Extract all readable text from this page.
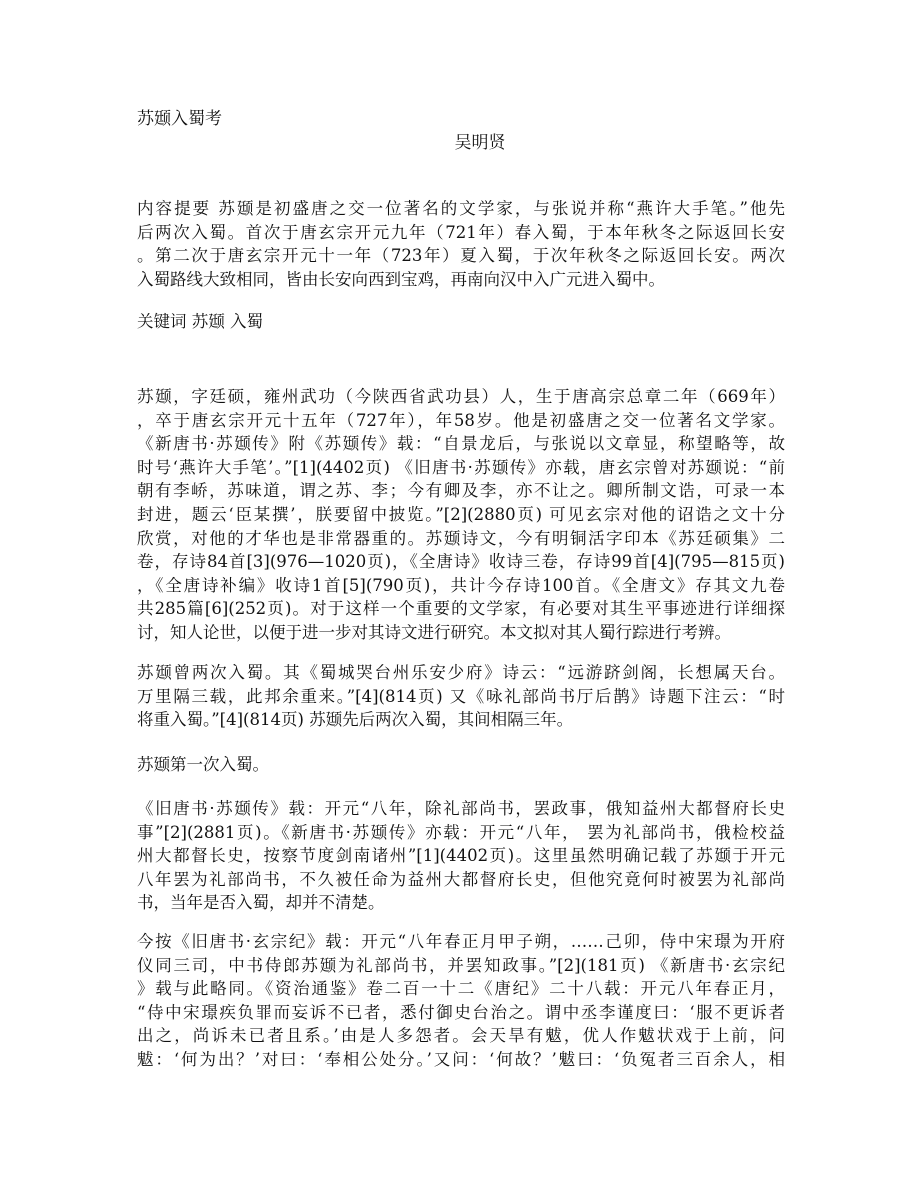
苏颋入蜀考
吴明贤
内容提要 苏颋是初盛唐之交一位著名的文学家，与张说并称“燕许大手笔。”他先
后两次入蜀。首次于唐玄宗开元九年（721年）春入蜀，于本年秋冬之际返回长安
。第二次于唐玄宗开元十一年（723年）夏入蜀，于次年秋冬之际返回长安。两次
入蜀路线大致相同，皆由长安向西到宝鸡，再南向汉中入广元进入蜀中。
关键词 苏颋 入蜀
苏颋，字廷硕，雍州武功（今陕西省武功县）人，生于唐高宗总章二年（669年）
，卒于唐玄宗开元十五年（727年），年58岁。他是初盛唐之交一位著名文学家。
《新唐书·苏颋传》附《苏颋传》载：“自景龙后，与张说以文章显，称望略等，故
时号‘燕许大手笔’。”[1](4402页) 《旧唐书·苏颋传》亦载，唐玄宗曾对苏颋说：“前
朝有李峤，苏味道，谓之苏、李；今有卿及李，亦不让之。卿所制文诰，可录一本
封进，题云‘臣某撰’，朕要留中披览。”[2](2880页) 可见玄宗对他的诏诰之文十分
欣赏，对他的才华也是非常器重的。苏颋诗文，今有明铜活字印本《苏廷硕集》二
卷，存诗84首[3](976—1020页)，《全唐诗》收诗三卷，存诗99首[4](795—815页)
，《全唐诗补编》收诗1首[5](790页)，共计今存诗100首。《全唐文》存其文九卷
共285篇[6](252页)。对于这样一个重要的文学家，有必要对其生平事迹进行详细探
讨，知人论世，以便于进一步对其诗文进行研究。本文拟对其人蜀行踪进行考辨。
苏颋曾两次入蜀。其《蜀城哭台州乐安少府》诗云：“远游跻剑阁，长想属天台。
万里隔三载，此邦余重来。”[4](814页) 又《咏礼部尚书厅后鹊》诗题下注云：“时
将重入蜀。”[4](814页) 苏颋先后两次入蜀，其间相隔三年。
苏颋第一次入蜀。
《旧唐书·苏颋传》载：开元“八年，除礼部尚书，罢政事，俄知益州大都督府长史
事”[2](2881页)。《新唐书·苏颋传》亦载：开元“八年， 罢为礼部尚书，俄检校益
州大都督长史，按察节度剑南诸州”[1](4402页)。这里虽然明确记载了苏颋于开元
八年罢为礼部尚书，不久被任命为益州大都督府长史，但他究竟何时被罢为礼部尚
书，当年是否入蜀，却并不清楚。
今按《旧唐书·玄宗纪》载：开元“八年春正月甲子朔，……己卯，侍中宋璟为开府
仪同三司，中书侍郎苏颋为礼部尚书，并罢知政事。”[2](181页) 《新唐书·玄宗纪
》载与此略同。《资治通鉴》卷二百一十二《唐纪》二十八载：开元八年春正月，
“侍中宋璟疾负罪而妄诉不已者，悉付御史台治之。谓中丞李谨度曰：‘服不更诉者
出之，尚诉未已者且系。’由是人多怨者。会天旱有魃，优人作魃状戏于上前，问
魃：‘何为出？’对曰：‘奉相公处分。’又问：‘何故？’魃曰：‘负冤者三百余人，相
